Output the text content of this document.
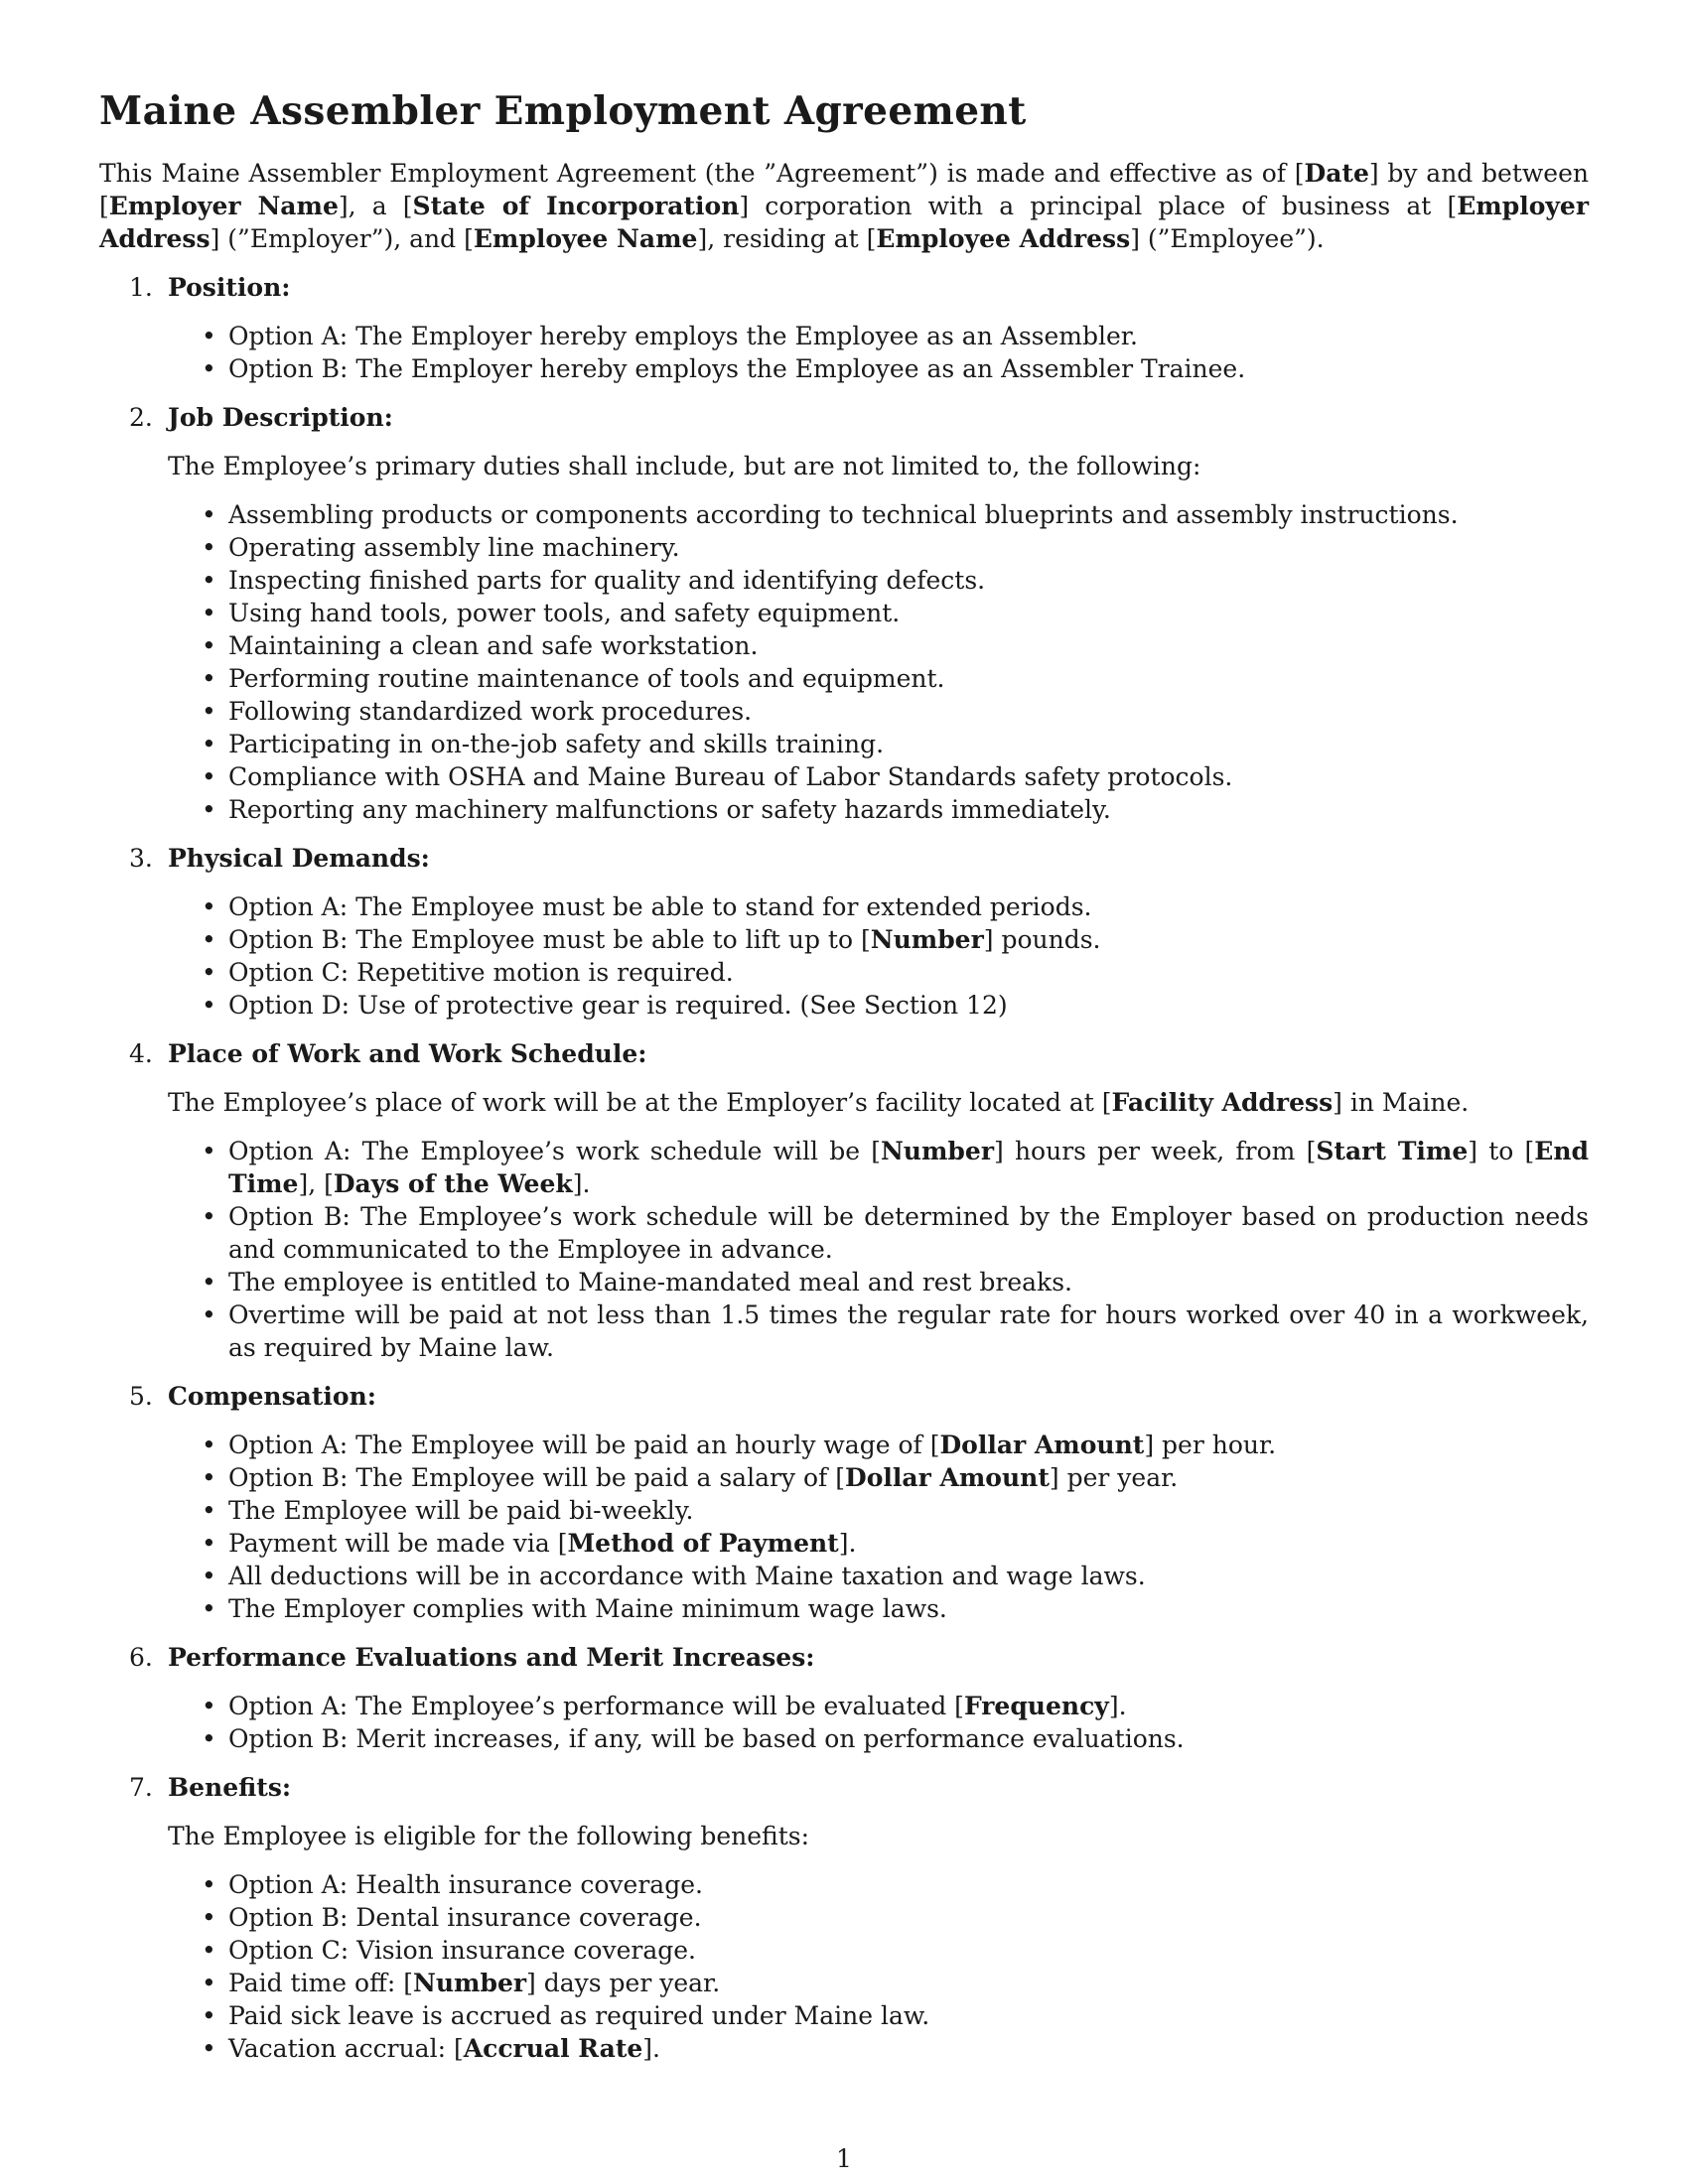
Maine Assembler Employment Agreement

This Maine Assembler Employment Agreement (the ”Agreement”) is made and effective as of [Date] by and between [Employer Name], a [State of Incorporation] corporation with a principal place of business at [Employer Address] (”Employer”), and [Employee Name], residing at [Employee Address] (”Employee”).

1. Position:
• Option A: The Employer hereby employs the Employee as an Assembler.
• Option B: The Employer hereby employs the Employee as an Assembler Trainee.
2. Job Description:

The Employee’s primary duties shall include, but are not limited to, the following:

• Assembling products or components according to technical blueprints and assembly instructions.
• Operating assembly line machinery.
• Inspecting finished parts for quality and identifying defects.
• Using hand tools, power tools, and safety equipment.
• Maintaining a clean and safe workstation.
• Performing routine maintenance of tools and equipment.
• Following standardized work procedures.
• Participating in on-the-job safety and skills training.
• Compliance with OSHA and Maine Bureau of Labor Standards safety protocols.
• Reporting any machinery malfunctions or safety hazards immediately.
3. Physical Demands:
• Option A: The Employee must be able to stand for extended periods.
• Option B: The Employee must be able to lift up to [Number] pounds.
• Option C: Repetitive motion is required.
• Option D: Use of protective gear is required. (See Section 12)
4. Place of Work and Work Schedule:

The Employee’s place of work will be at the Employer’s facility located at [Facility Address] in Maine.

• Option A: The Employee’s work schedule will be [Number] hours per week, from [Start Time] to [End Time], [Days of the Week].
• Option B: The Employee’s work schedule will be determined by the Employer based on production needs and communicated to the Employee in advance.
• The employee is entitled to Maine-mandated meal and rest breaks.
• Overtime will be paid at not less than 1.5 times the regular rate for hours worked over 40 in a workweek, as required by Maine law.
5. Compensation:
• Option A: The Employee will be paid an hourly wage of [Dollar Amount] per hour.
• Option B: The Employee will be paid a salary of [Dollar Amount] per year.
• The Employee will be paid bi-weekly.
• Payment will be made via [Method of Payment].
• All deductions will be in accordance with Maine taxation and wage laws.
• The Employer complies with Maine minimum wage laws.
6. Performance Evaluations and Merit Increases:
• Option A: The Employee’s performance will be evaluated [Frequency].
• Option B: Merit increases, if any, will be based on performance evaluations.
7. Benefits:

The Employee is eligible for the following benefits:

• Option A: Health insurance coverage.
• Option B: Dental insurance coverage.
• Option C: Vision insurance coverage.
• Paid time off: [Number] days per year.
• Paid sick leave is accrued as required under Maine law.
• Vacation accrual: [Accrual Rate].
1
